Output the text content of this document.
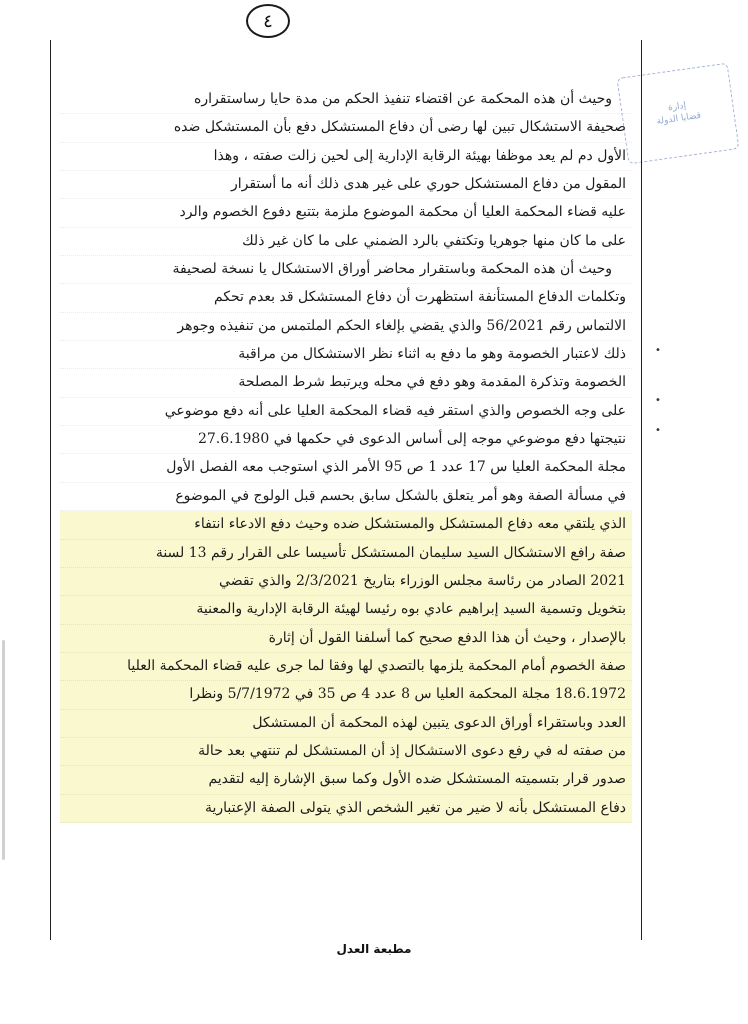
٤
إدارة
قضايا الدولة
•
•
•
وحيث أن هذه المحكمة عن اقتضاء تنفيذ الحكم من مدة حايا رساستقراره
صحيفة الاستشكال تبين لها رضى أن دفاع المستشكل دفع بأن المستشكل ضده
الأول دم لم يعد موظفا بهيئة الرقابة الإدارية إلى لحين زالت صفته ، وهذا
المقول من دفاع المستشكل حوري على غير هدى ذلك أنه ما أستقرار
عليه قضاء المحكمة العليا أن محكمة الموضوع ملزمة بتتبع دفوع الخصوم والرد
على ما كان منها جوهريا وتكتفي بالرد الضمني على ما كان غير ذلك
وحيث أن هذه المحكمة وباستقرار محاضر أوراق الاستشكال يا نسخة لصحيفة
وتكلمات الدفاع المستأنفة استظهرت أن دفاع المستشكل قد بعدم تحكم
الالتماس رقم 56/2021 والذي يقضي بإلغاء الحكم الملتمس من تنفيذه وجوهر
ذلك لاعتبار الخصومة وهو ما دفع به اثناء نظر الاستشكال من مراقبة
الخصومة وتذكرة المقدمة وهو دفع في محله ويرتبط شرط المصلحة
على وجه الخصوص والذي استقر فيه قضاء المحكمة العليا على أنه دفع موضوعي
نتيجتها دفع موضوعي موجه إلى أساس الدعوى في حكمها في 27.6.1980
مجلة المحكمة العليا س 17 عدد 1 ص 95 الأمر الذي استوجب معه الفصل الأول
في مسألة الصفة وهو أمر يتعلق بالشكل سابق بحسم قبل الولوج في الموضوع
الذي يلتقي معه دفاع المستشكل والمستشكل ضده وحيث دفع الادعاء انتفاء
صفة رافع الاستشكال السيد سليمان المستشكل تأسيسا على القرار رقم 13 لسنة
2021 الصادر من رئاسة مجلس الوزراء بتاريخ 2/3/2021 والذي تقضي
بتخويل وتسمية السيد إبراهيم عادي بوه رئيسا لهيئة الرقابة الإدارية والمعنية
بالإصدار ، وحيث أن هذا الدفع صحيح كما أسلفنا القول أن إثارة
صفة الخصوم أمام المحكمة يلزمها بالتصدي لها وفقا لما جرى عليه قضاء المحكمة العليا
18.6.1972 مجلة المحكمة العليا س 8 عدد 4 ص 35 في 5/7/1972 ونظرا
العدد وباستقراء أوراق الدعوى يتبين لهذه المحكمة أن المستشكل
من صفته له في رفع دعوى الاستشكال إذ أن المستشكل لم تنتهي بعد حالة
صدور قرار بتسميته المستشكل ضده الأول وكما سبق الإشارة إليه لتقديم
دفاع المستشكل بأنه لا ضير من تغير الشخص الذي يتولى الصفة الإعتبارية
مطبعة العدل
